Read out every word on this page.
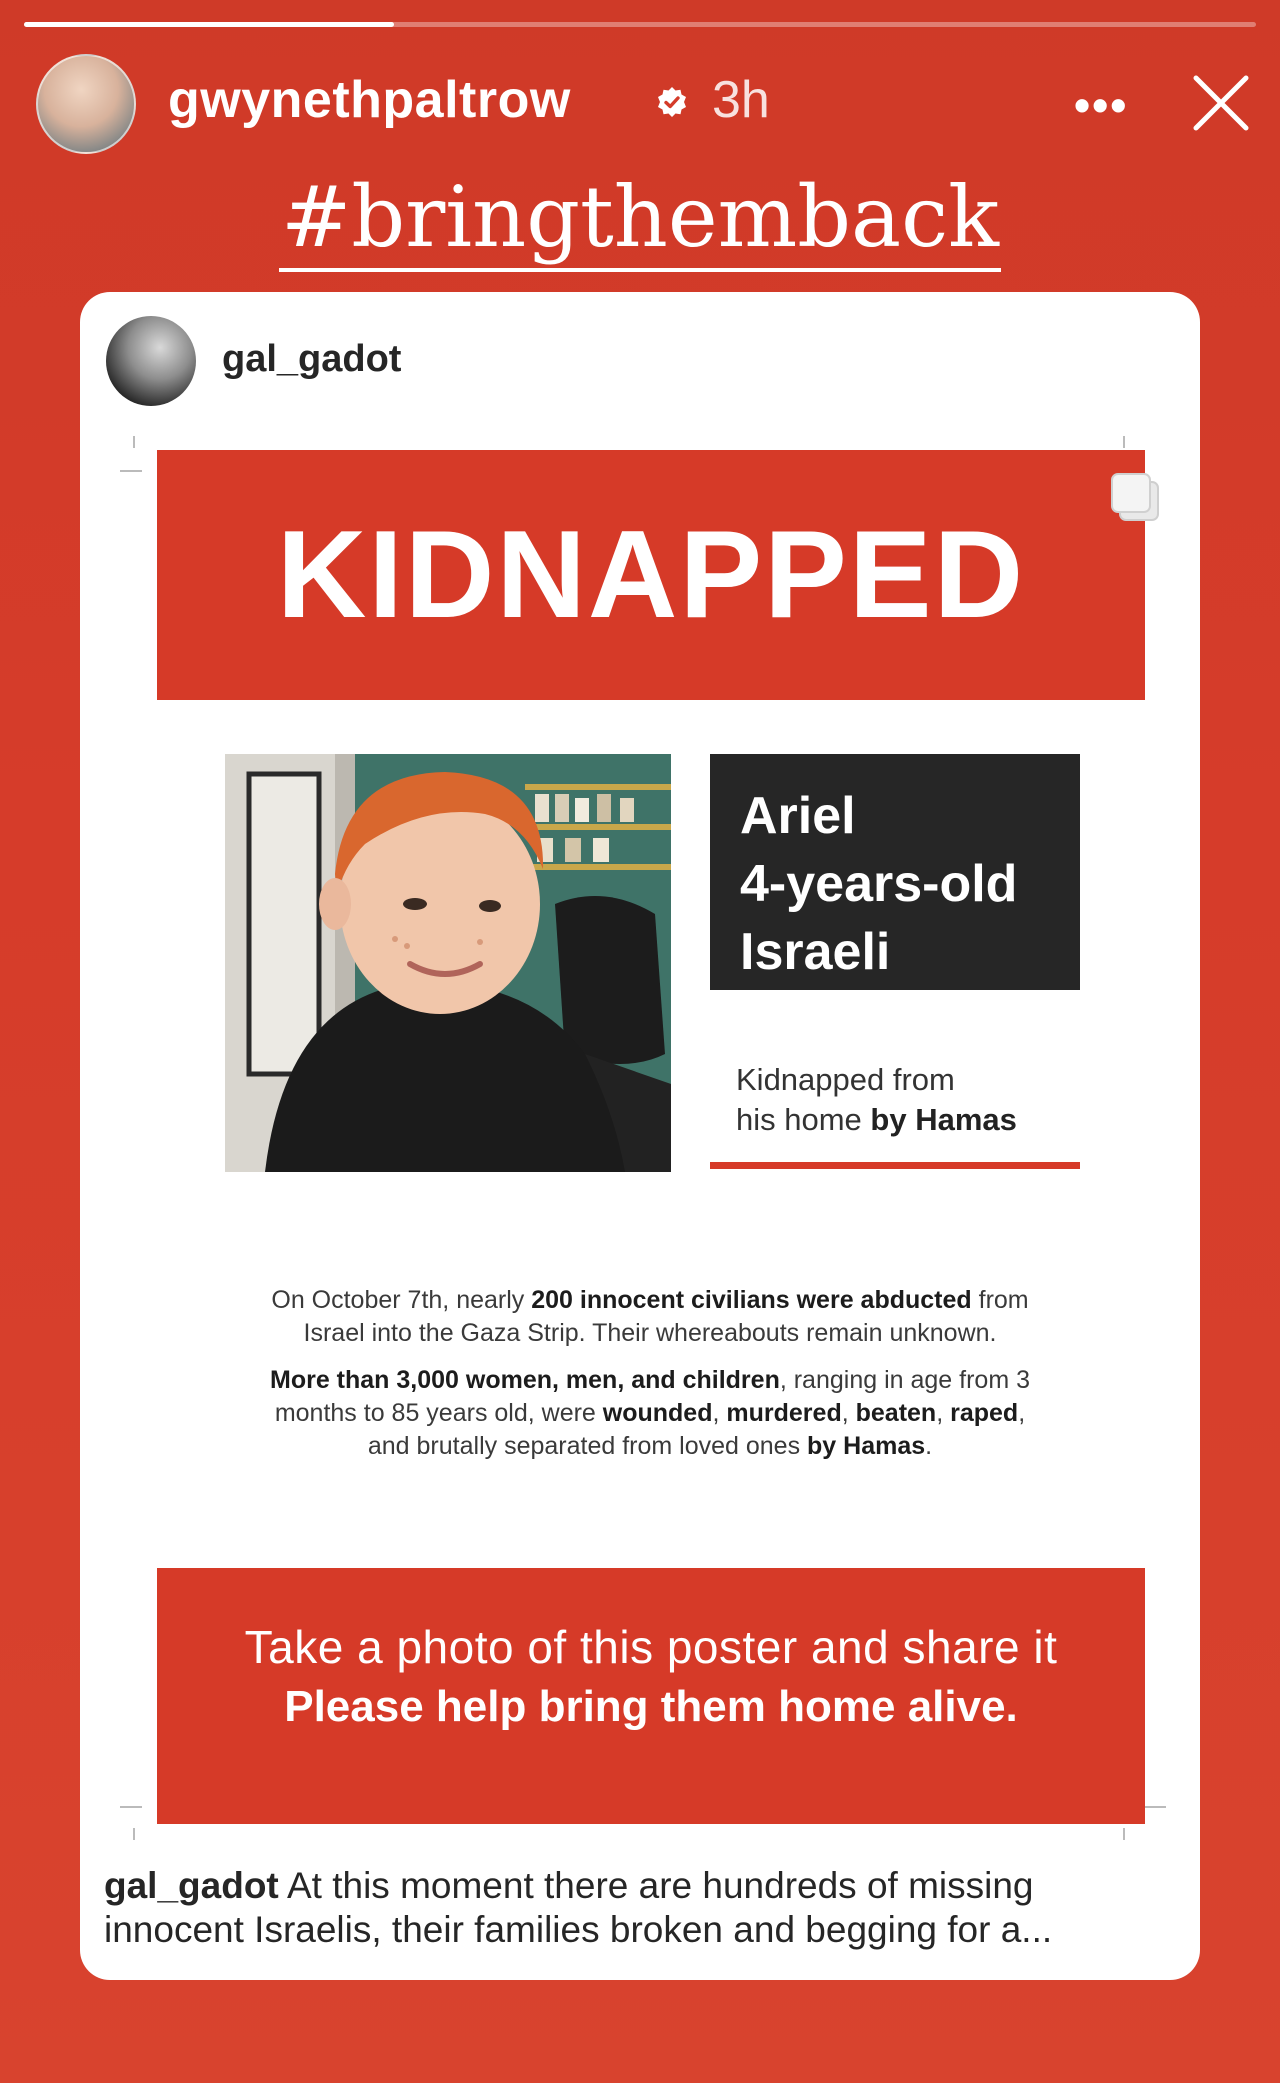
gwynethpaltrow	3h	•••
#bringthemback
gal_gadot
KIDNAPPED
Ariel
4-years-old
Israeli
Kidnapped from
his home by Hamas
On October 7th, nearly 200 innocent civilians were abducted from
Israel into the Gaza Strip. Their whereabouts remain unknown.
More than 3,000 women, men, and children, ranging in age from 3
months to 85 years old, were wounded, murdered, beaten, raped,
and brutally separated from loved ones by Hamas.
Take a photo of this poster and share it
Please help bring them home alive.
gal_gadot At this moment there are hundreds of missing
innocent Israelis, their families broken and begging for a...
